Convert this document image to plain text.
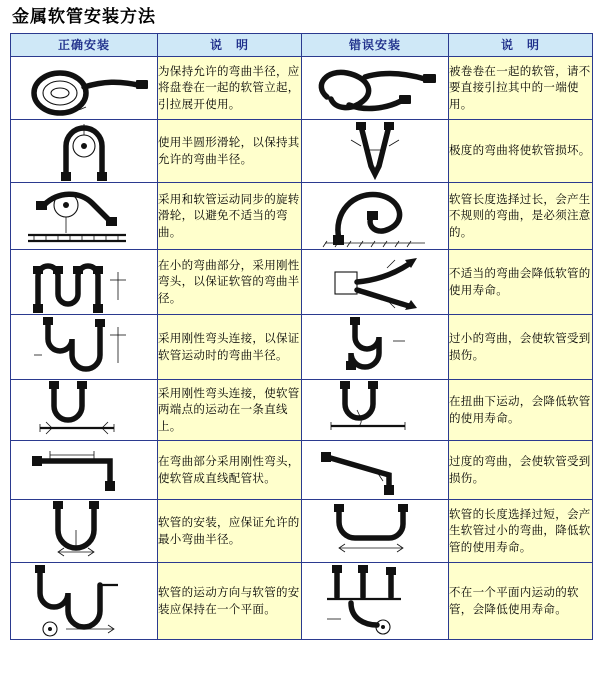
金属软管安装方法
正确安装	说　明	错误安装	说　明

	为保持允许的弯曲半径，应将盘卷在一起的软管立起，引拉展开使用。		被卷卷在一起的软管，请不要直接引拉其中的一端使用。

	使用半圆形滑轮，以保持其允许的弯曲半径。		极度的弯曲将使软管损坏。

	采用和软管运动同步的旋转滑轮，以避免不适当的弯曲。		软管长度选择过长，会产生不规则的弯曲，是必须注意的。

	在小的弯曲部分，采用刚性弯头，以保证软管的弯曲半径。		不适当的弯曲会降低软管的使用寿命。

	采用刚性弯头连接，以保证软管运动时的弯曲半径。		过小的弯曲，会使软管受到损伤。

	采用刚性弯头连接，使软管两端点的运动在一条直线上。		在扭曲下运动，会降低软管的使用寿命。

	在弯曲部分采用刚性弯头，使软管成直线配管状。		过度的弯曲，会使软管受到损伤。

	软管的安装，应保证允许的最小弯曲半径。		软管的长度选择过短，会产生软管过小的弯曲，降低软管的使用寿命。

	软管的运动方向与软管的安装应保持在一个平面。		不在一个平面内运动的软管，会降低使用寿命。
